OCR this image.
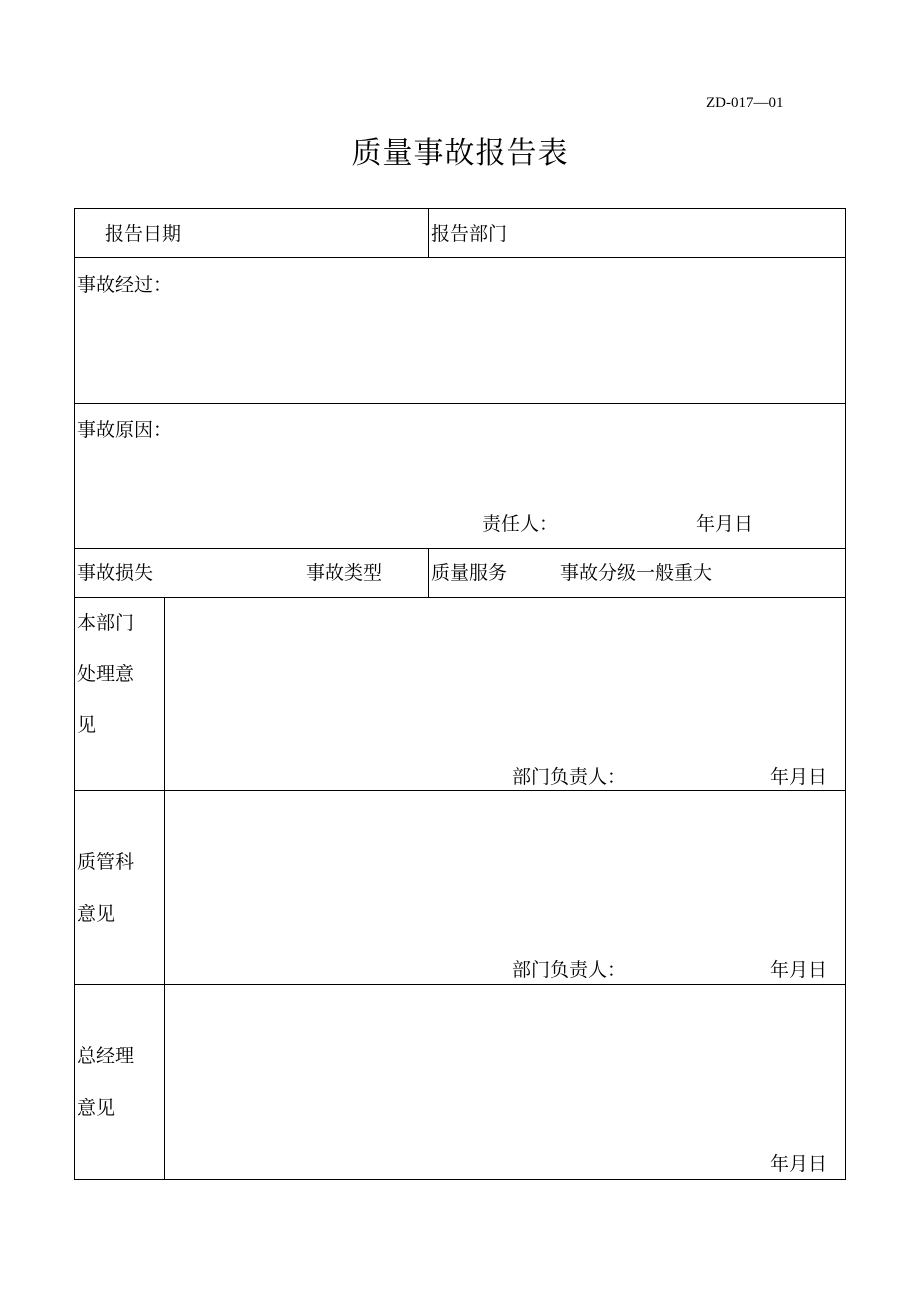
ZD-017—01
质量事故报告表
报告日期	报告部门
事故经过：
事故原因：
责任人：	年月日
事故损失	事故类型	质量服务	事故分级一般重大
本部门
处理意
见
部门负责人：	年月日
质管科
意见
部门负责人：	年月日
总经理
意见
年月日
